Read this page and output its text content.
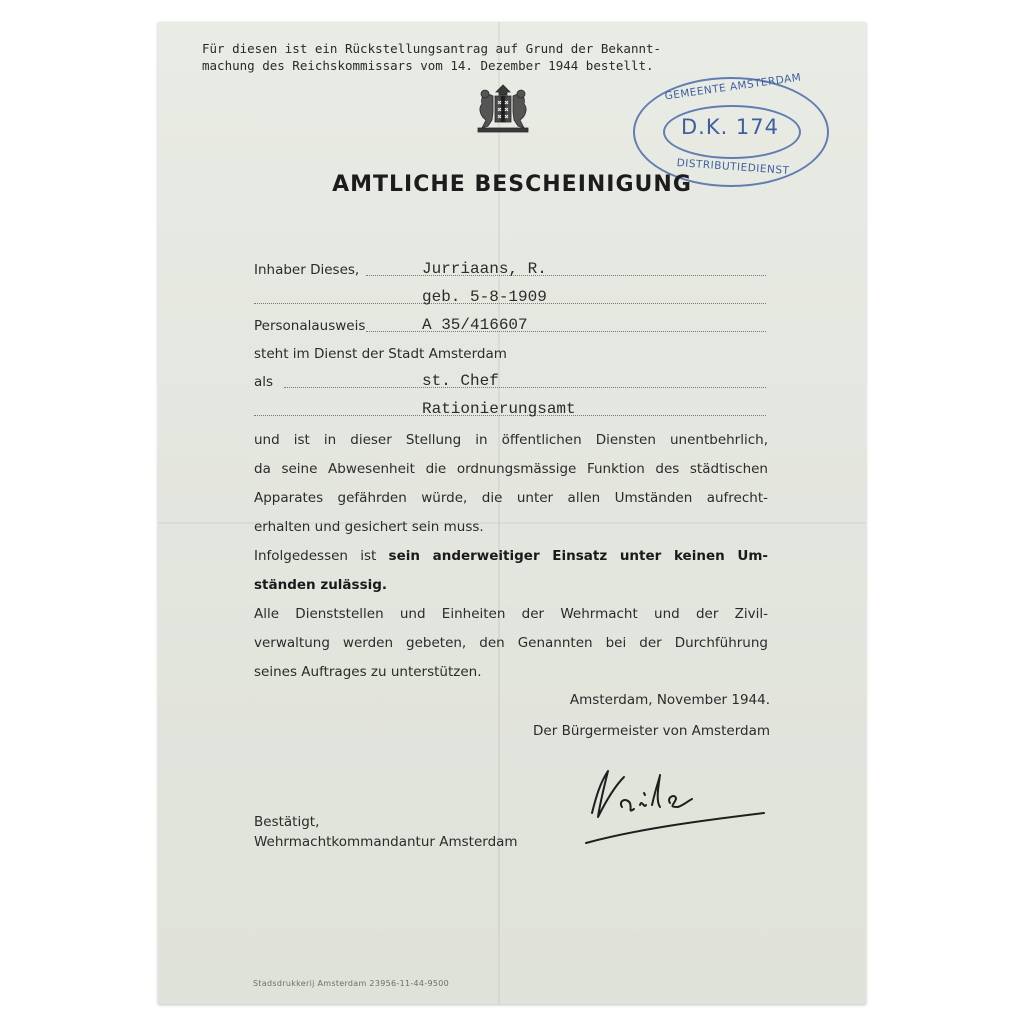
Für diesen ist ein Rückstellungsantrag auf Grund der Bekannt-
machung des Reichskommissars vom 14. Dezember 1944 bestellt.
GEMEENTE AMSTERDAM
D.K. 174
DISTRIBUTIEDIENST
AMTLICHE BESCHEINIGUNG
Inhaber Dieses,	Jurriaans, R.
geb. 5-8-1909
Personalausweis	A 35/416607
steht im Dienst der Stadt Amsterdam
als	st. Chef
Rationierungsamt
und ist in dieser Stellung in öffentlichen Diensten unentbehrlich,
da seine Abwesenheit die ordnungsmässige Funktion des städtischen
Apparates gefährden würde, die unter allen Umständen aufrecht-
erhalten und gesichert sein muss.
Infolgedessen ist sein anderweitiger Einsatz unter keinen Um-
ständen zulässig.
Alle Dienststellen und Einheiten der Wehrmacht und der Zivil-
verwaltung werden gebeten, den Genannten bei der Durchführung
seines Auftrages zu unterstützen.
Amsterdam, November 1944.
Der Bürgermeister von Amsterdam
Bestätigt,
Wehrmachtkommandantur Amsterdam
Stadsdrukkerij Amsterdam 23956-11-44-9500
